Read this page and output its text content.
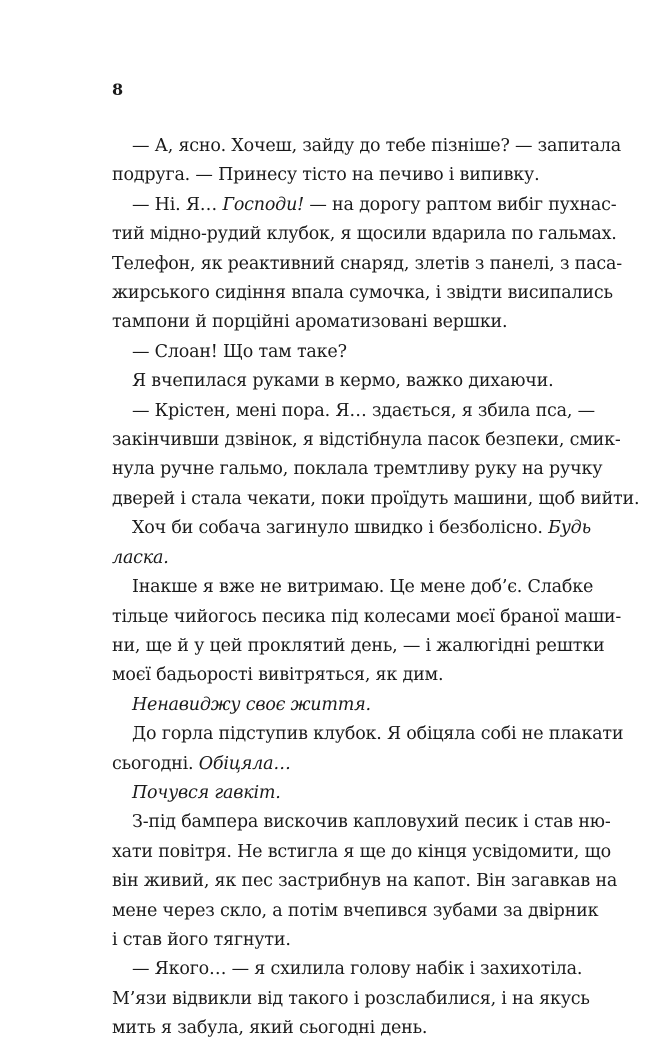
8
— А, ясно. Хочеш, зайду до тебе пізніше? — запитала
подруга. — Принесу тісто на печиво і випивку.
— Ні. Я… Господи! — на дорогу раптом вибіг пухнас-
тий мідно-рудий клубок, я щосили вдарила по гальмах.
Телефон, як реактивний снаряд, злетів з панелі, з паса-
жирського сидіння впала сумочка, і звідти висипались
тампони й порційні ароматизовані вершки.
— Слоан! Що там таке?
Я вчепилася руками в кермо, важко дихаючи.
— Крістен, мені пора. Я… здається, я збила пса, —
закінчивши дзвінок, я відстібнула пасок безпеки, смик-
нула ручне гальмо, поклала тремтливу руку на ручку
дверей і стала чекати, поки проїдуть машини, щоб вийти.
Хоч би собача загинуло швидко і безболісно. Будь
ласка.
Інакше я вже не витримаю. Це мене доб’є. Слабке
тільце чийогось песика під колесами моєї браної маши-
ни, ще й у цей проклятий день, — і жалюгідні рештки
моєї бадьорості вивітряться, як дим.
Ненавиджу своє життя.
До горла підступив клубок. Я обіцяла собі не плакати
сьогодні. Обіцяла…
Почувся гавкіт.
З-під бампера вискочив капловухий песик і став ню-
хати повітря. Не встигла я ще до кінця усвідомити, що
він живий, як пес застрибнув на капот. Він загавкав на
мене через скло, а потім вчепився зубами за двірник
і став його тягнути.
— Якого… — я схилила голову набік і захихотіла.
М’язи відвикли від такого і розслабилися, і на якусь
мить я забула, який сьогодні день.
